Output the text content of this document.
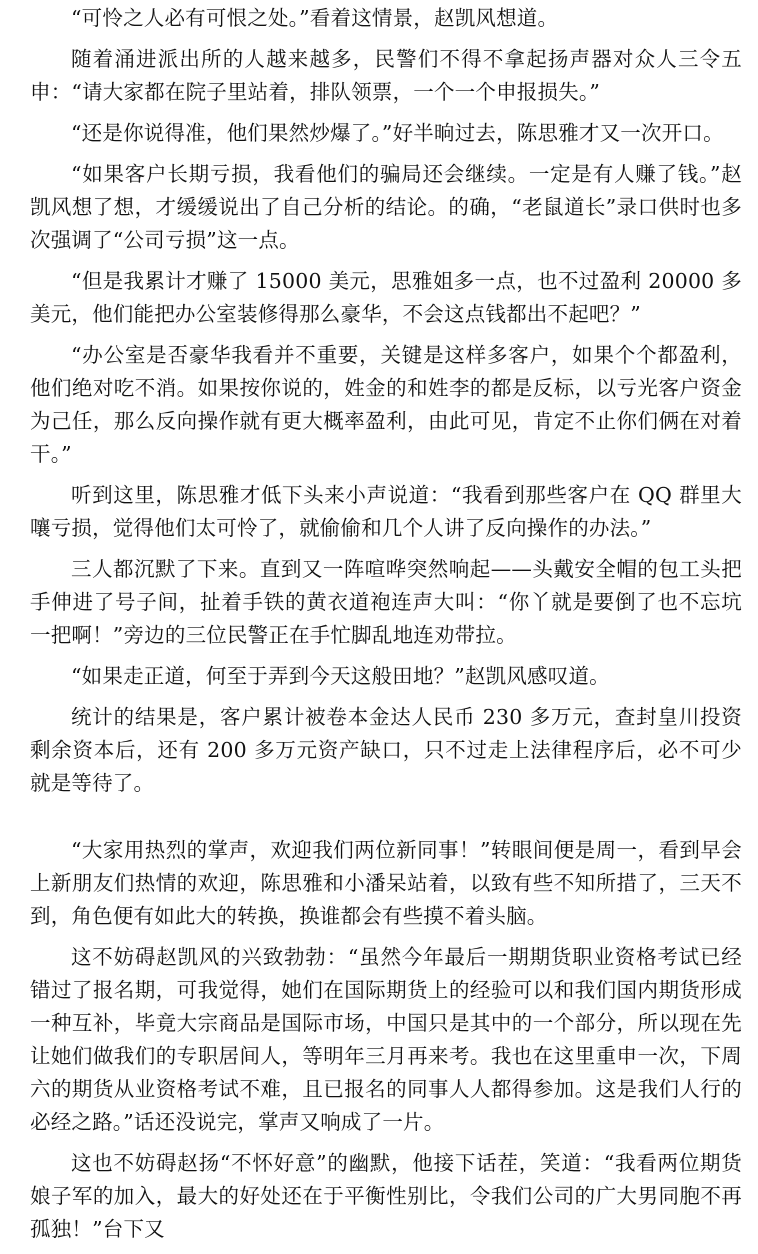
“可怜之人必有可恨之处。”看着这情景，赵凯风想道。

随着涌进派出所的人越来越多，民警们不得不拿起扬声器对众人三令五申：“请大家都在院子里站着，排队领票，一个一个申报损失。”

“还是你说得准，他们果然炒爆了。”好半晌过去，陈思雅才又一次开口。

“如果客户长期亏损，我看他们的骗局还会继续。一定是有人赚了钱。”赵凯风想了想，才缓缓说出了自己分析的结论。的确，“老鼠道长”录口供时也多次强调了“公司亏损”这一点。

“但是我累计才赚了 15000 美元，思雅姐多一点，也不过盈利 20000 多美元，他们能把办公室装修得那么豪华，不会这点钱都出不起吧？”

“办公室是否豪华我看并不重要，关键是这样多客户，如果个个都盈利，他们绝对吃不消。如果按你说的，姓金的和姓李的都是反标，以亏光客户资金为己任，那么反向操作就有更大概率盈利，由此可见，肯定不止你们俩在对着干。”

听到这里，陈思雅才低下头来小声说道：“我看到那些客户在 QQ 群里大嚷亏损，觉得他们太可怜了，就偷偷和几个人讲了反向操作的办法。”

三人都沉默了下来。直到又一阵喧哗突然响起——头戴安全帽的包工头把手伸进了号子间，扯着手铁的黄衣道袍连声大叫：“你丫就是要倒了也不忘坑一把啊！”旁边的三位民警正在手忙脚乱地连劝带拉。

“如果走正道，何至于弄到今天这般田地？”赵凯风感叹道。

统计的结果是，客户累计被卷本金达人民币 230 多万元，查封皇川投资剩余资本后，还有 200 多万元资产缺口，只不过走上法律程序后，必不可少就是等待了。

“大家用热烈的掌声，欢迎我们两位新同事！”转眼间便是周一，看到早会上新朋友们热情的欢迎，陈思雅和小潘呆站着，以致有些不知所措了，三天不到，角色便有如此大的转换，换谁都会有些摸不着头脑。

这不妨碍赵凯风的兴致勃勃：“虽然今年最后一期期货职业资格考试已经错过了报名期，可我觉得，她们在国际期货上的经验可以和我们国内期货形成一种互补，毕竟大宗商品是国际市场，中国只是其中的一个部分，所以现在先让她们做我们的专职居间人，等明年三月再来考。我也在这里重申一次，下周六的期货从业资格考试不难，且已报名的同事人人都得参加。这是我们人行的必经之路。”话还没说完，掌声又响成了一片。

这也不妨碍赵扬“不怀好意”的幽默，他接下话茬，笑道：“我看两位期货娘子军的加入，最大的好处还在于平衡性别比，令我们公司的广大男同胞不再孤独！”台下又
